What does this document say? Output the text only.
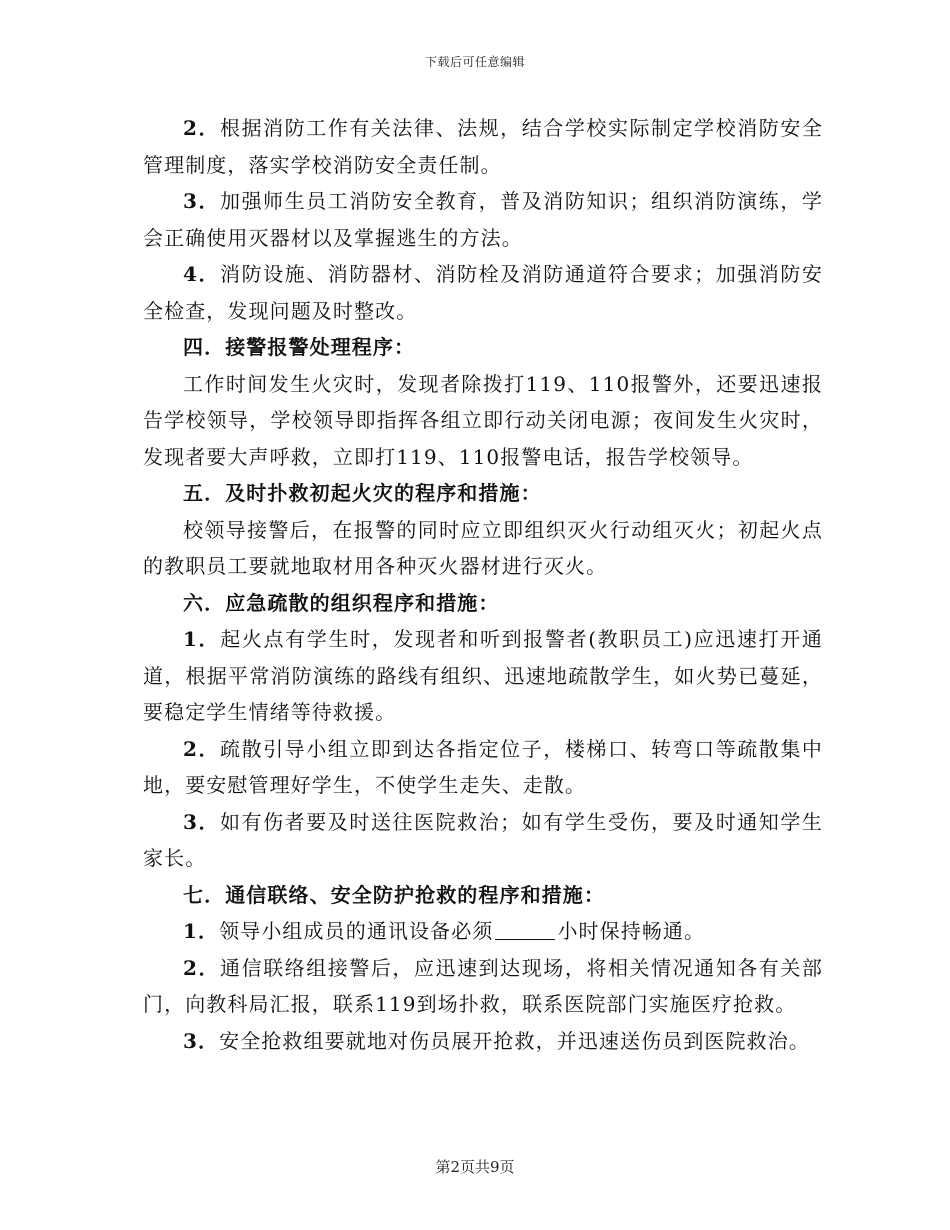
下载后可任意编辑

2．根据消防工作有关法律、法规，结合学校实际制定学校消防安全管理制度，落实学校消防安全责任制。

3．加强师生员工消防安全教育，普及消防知识；组织消防演练，学会正确使用灭器材以及掌握逃生的方法。

4．消防设施、消防器材、消防栓及消防通道符合要求；加强消防安全检查，发现问题及时整改。

四．接警报警处理程序：

工作时间发生火灾时，发现者除拨打119、110报警外，还要迅速报告学校领导，学校领导即指挥各组立即行动关闭电源；夜间发生火灾时，发现者要大声呼救，立即打119、110报警电话，报告学校领导。

五．及时扑救初起火灾的程序和措施：

校领导接警后，在报警的同时应立即组织灭火行动组灭火；初起火点的教职员工要就地取材用各种灭火器材进行灭火。

六．应急疏散的组织程序和措施：

1．起火点有学生时，发现者和听到报警者(教职员工)应迅速打开通道，根据平常消防演练的路线有组织、迅速地疏散学生，如火势已蔓延，要稳定学生情绪等待救援。

2．疏散引导小组立即到达各指定位子，楼梯口、转弯口等疏散集中地，要安慰管理好学生，不使学生走失、走散。

3．如有伤者要及时送往医院救治；如有学生受伤，要及时通知学生家长。

七．通信联络、安全防护抢救的程序和措施：

1．领导小组成员的通讯设备必须	小时保持畅通。

2．通信联络组接警后，应迅速到达现场，将相关情况通知各有关部门，向教科局汇报，联系119到场扑救，联系医院部门实施医疗抢救。

3．安全抢救组要就地对伤员展开抢救，并迅速送伤员到医院救治。

第2页共9页
